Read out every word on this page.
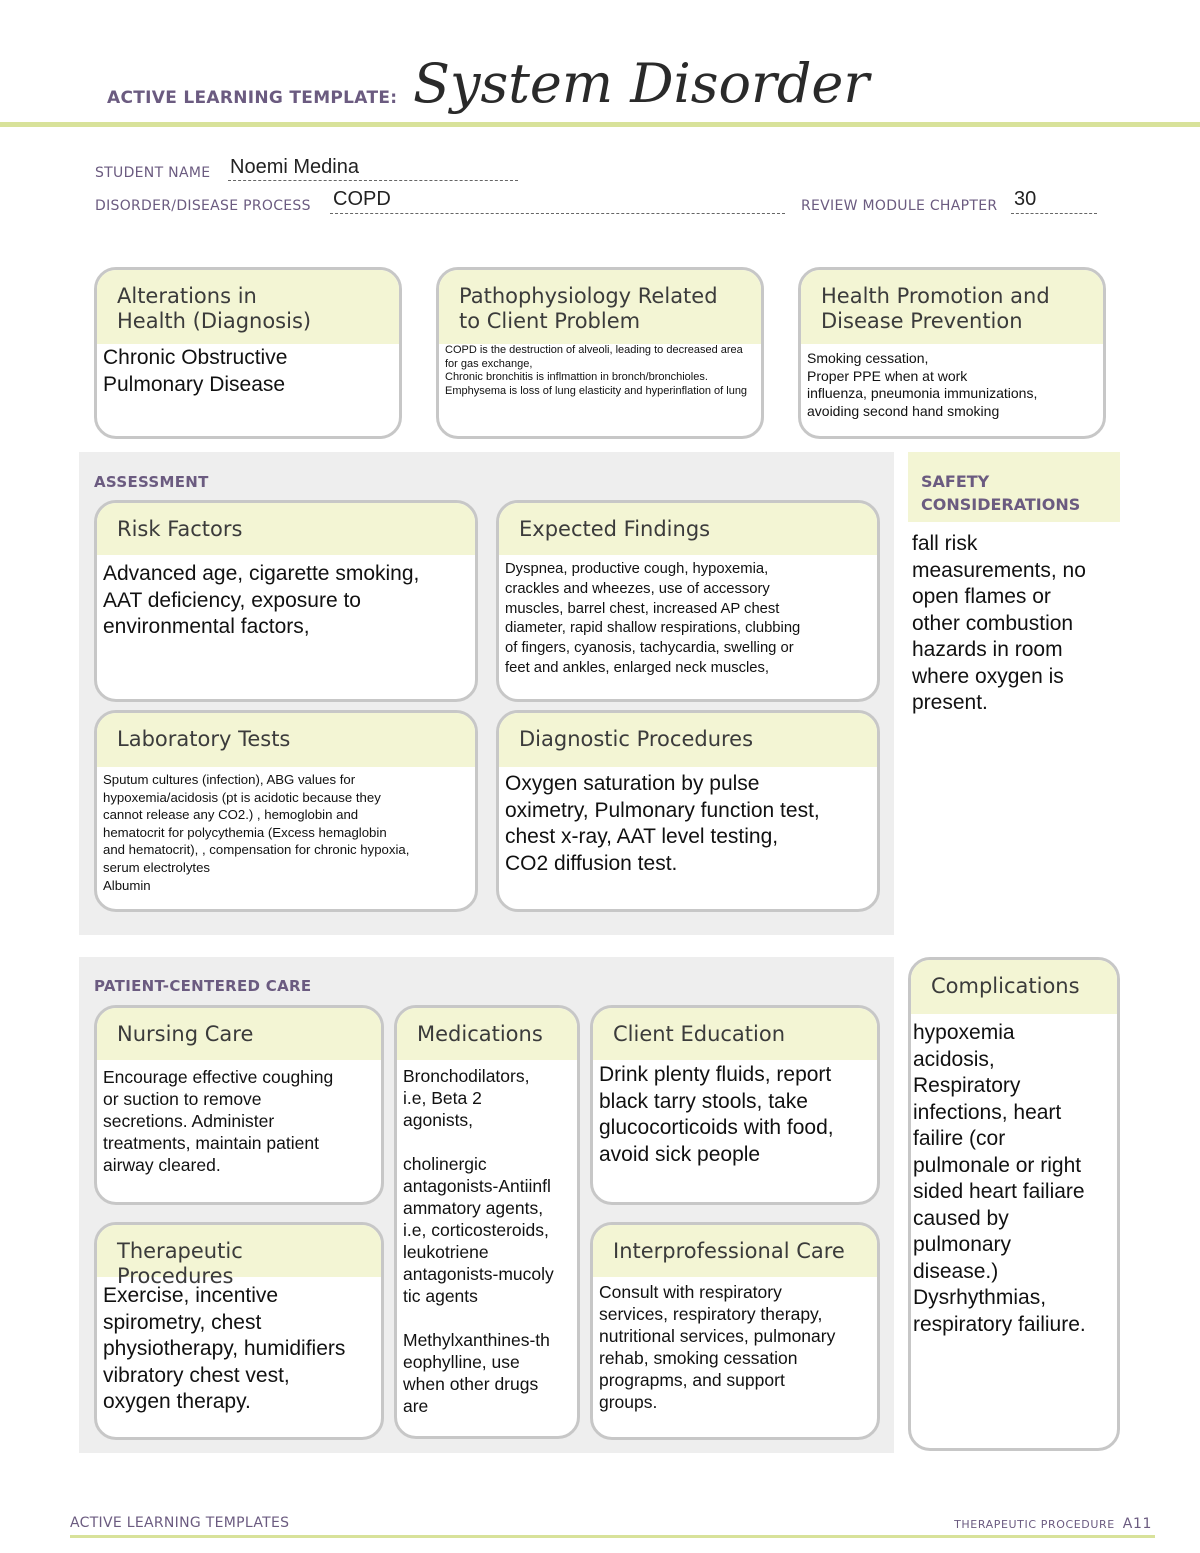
ACTIVE LEARNING TEMPLATE: System Disorder
STUDENT NAME Noemi Medina
DISORDER/DISEASE PROCESS COPD	REVIEW MODULE CHAPTER 30
Alterations in
Health (Diagnosis)
Chronic Obstructive
Pulmonary Disease
Pathophysiology Related
to Client Problem
COPD is the destruction of alveoli, leading to decreased area for gas exchange,
Chronic bronchitis is inflmattion in bronch/bronchioles.
Emphysema is loss of lung elasticity and hyperinflation of lung
Health Promotion and
Disease Prevention
Smoking cessation,
Proper PPE when at work
influenza, pneumonia immunizations,
avoiding second hand smoking
ASSESSMENT
Risk Factors
Advanced age, cigarette smoking,
AAT deficiency, exposure to
environmental factors,
Expected Findings
Dyspnea, productive cough, hypoxemia,
crackles and wheezes, use of accessory
muscles, barrel chest, increased AP chest
diameter, rapid shallow respirations, clubbing
of fingers, cyanosis, tachycardia, swelling or
feet and ankles, enlarged neck muscles,
Laboratory Tests
Sputum cultures (infection), ABG values for
hypoxemia/acidosis (pt is acidotic because they
cannot release any CO2.) , hemoglobin and
hematocrit for polycythemia (Excess hemaglobin
and hematocrit), , compensation for chronic hypoxia,
serum electrolytes
Albumin
Diagnostic Procedures
Oxygen saturation by pulse
oximetry, Pulmonary function test,
chest x-ray, AAT level testing,
CO2 diffusion test.
SAFETY
CONSIDERATIONS
fall risk
measurements, no
open flames or
other combustion
hazards in room
where oxygen is
present.
PATIENT-CENTERED CARE
Nursing Care
Encourage effective coughing
or suction to remove
secretions. Administer
treatments, maintain patient
airway cleared.
Medications
Bronchodilators,
i.e, Beta 2
agonists,

cholinergic
antagonists-Antiinfl
ammatory agents,
i.e, corticosteroids,
leukotriene
antagonists-mucoly
tic agents

Methylxanthines-th
eophylline, use
when other drugs
are
Client Education
Drink plenty fluids, report
black tarry stools, take
glucocorticoids with food,
avoid sick people
Therapeutic Procedures
Exercise, incentive
spirometry, chest
physiotherapy, humidifiers
vibratory chest vest,
oxygen therapy.
Interprofessional Care
Consult with respiratory
services, respiratory therapy,
nutritional services, pulmonary
rehab, smoking cessation
prograpms, and support
groups.
Complications
hypoxemia
acidosis,
Respiratory
infections, heart
failire (cor
pulmonale or right
sided heart failiare
caused by
pulmonary
disease.)
Dysrhythmias,
respiratory failiure.
ACTIVE LEARNING TEMPLATES	THERAPEUTIC PROCEDURE A11
